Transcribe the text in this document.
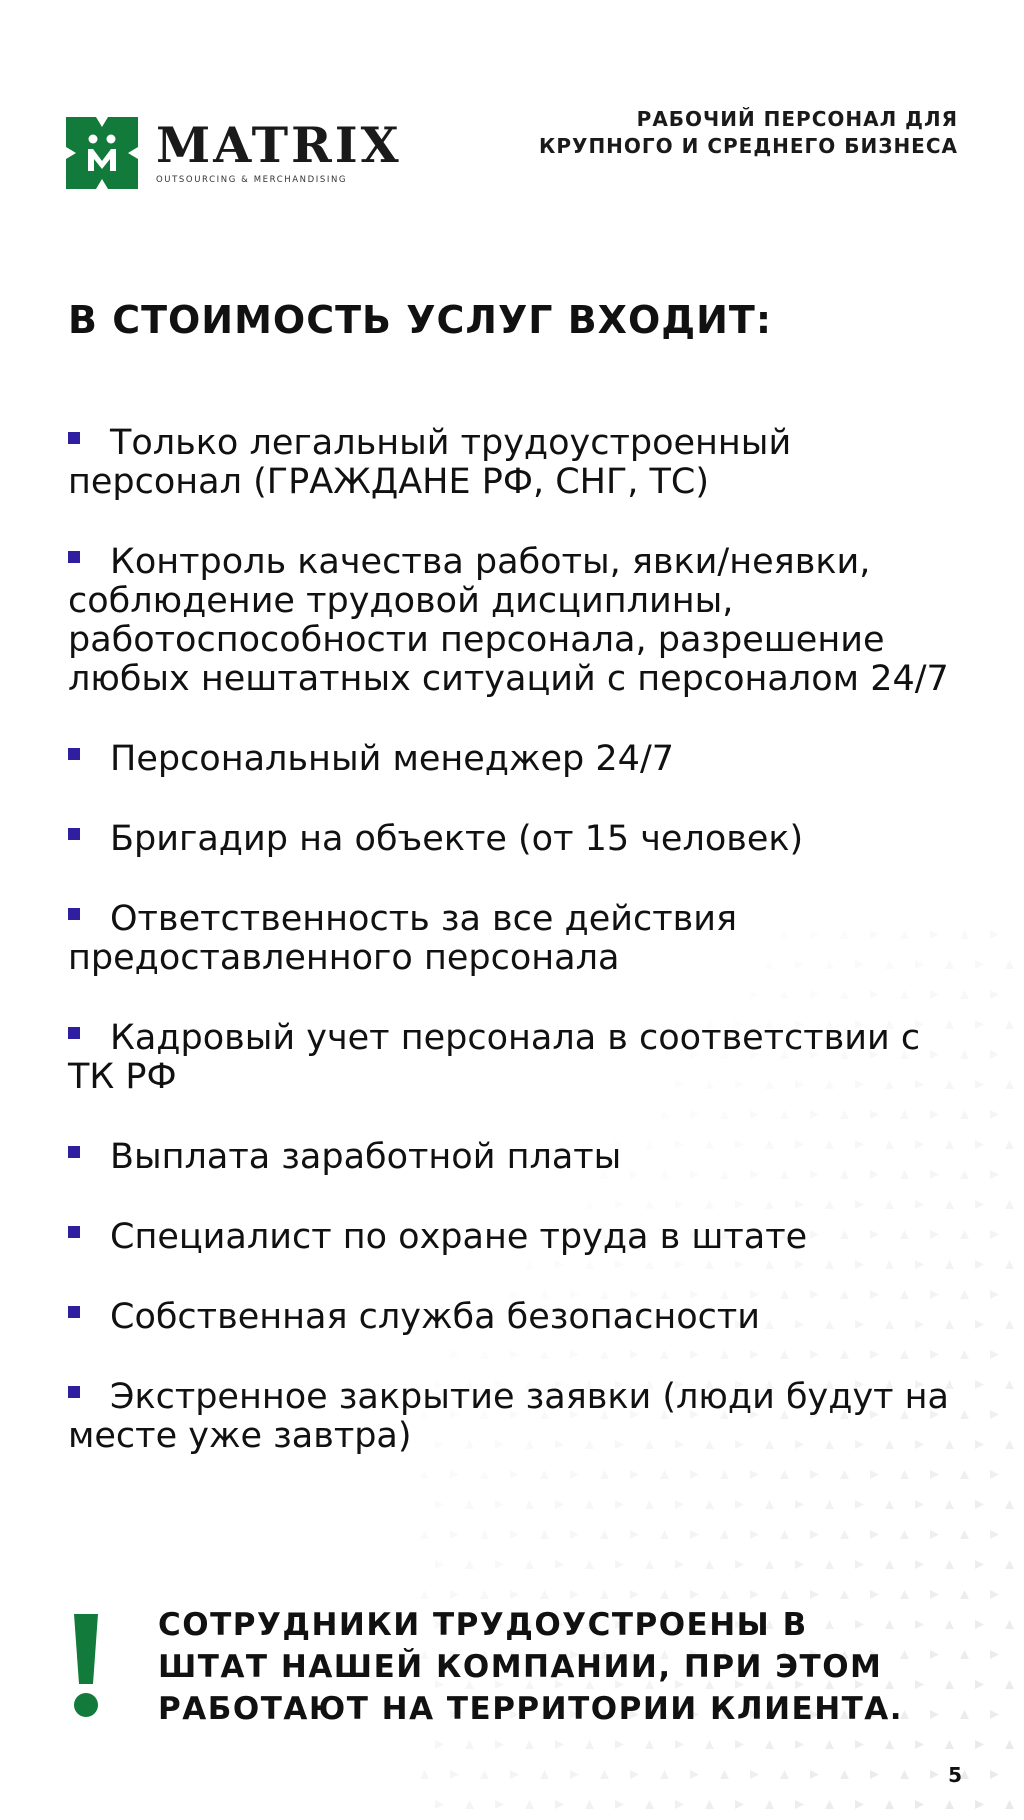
MATRIX
OUTSOURCING & MERCHANDISING
РАБОЧИЙ ПЕРСОНАЛ ДЛЯ
КРУПНОГО И СРЕДНЕГО БИЗНЕСА
В СТОИМОСТЬ УСЛУГ ВХОДИТ:
Только легальный трудоустроенный персонал (ГРАЖДАНЕ РФ, СНГ, ТС)
Контроль качества работы, явки/неявки, соблюдение трудовой дисциплины, работоспособности персонала, разрешение любых нештатных ситуаций с персоналом 24/7
Персональный менеджер 24/7
Бригадир на объекте (от 15 человек)
Ответственность за все действия предоставленного персонала
Кадровый учет персонала в соответствии с ТК РФ
Выплата заработной платы
Специалист по охране труда в штате
Собственная служба безопасности
Экстренное закрытие заявки (люди будут на месте уже завтра)
СОТРУДНИКИ ТРУДОУСТРОЕНЫ В
ШТАТ НАШЕЙ КОМПАНИИ, ПРИ ЭТОМ
РАБОТАЮТ НА ТЕРРИТОРИИ КЛИЕНТА.
5
